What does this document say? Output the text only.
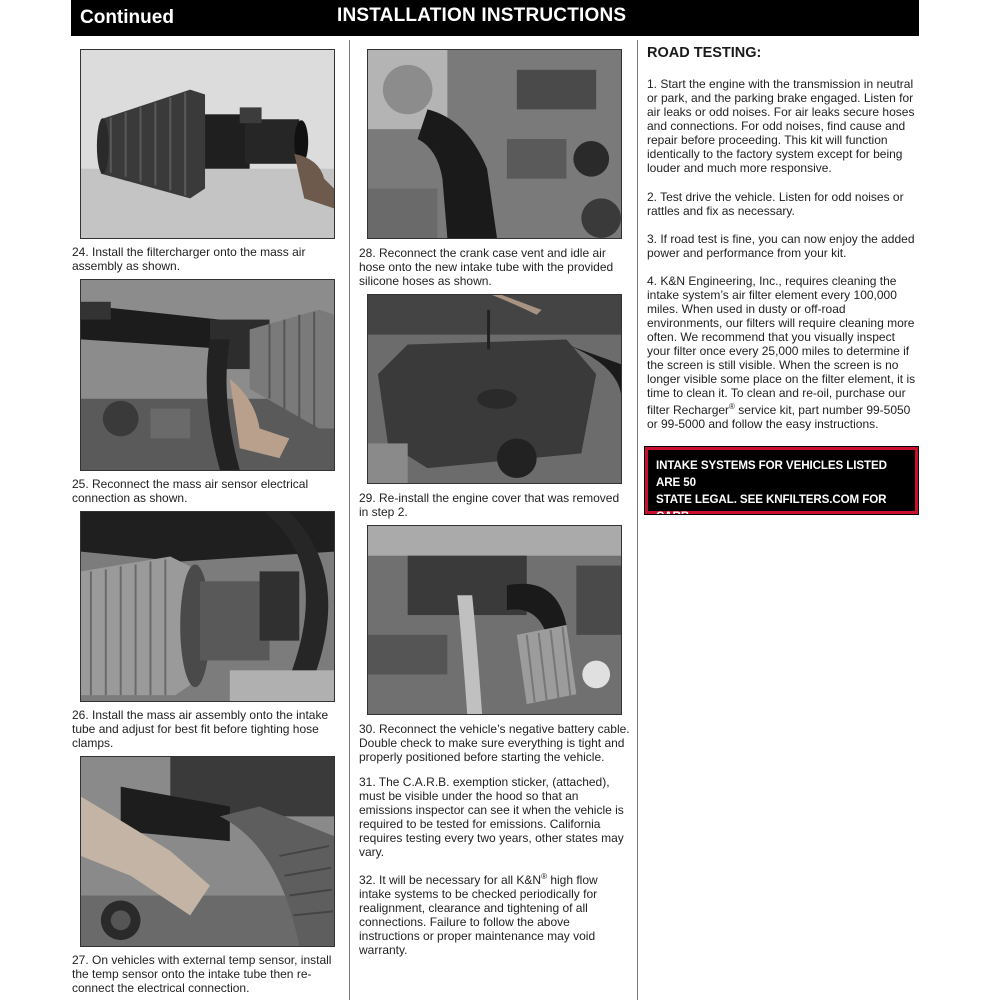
Continued	INSTALLATION INSTRUCTIONS
24. Install the filtercharger onto the mass air assembly as shown.
25. Reconnect the mass air sensor electrical connection as shown.
26. Install the mass air assembly onto the intake tube and adjust for best fit before tighting hose clamps.
27. On vehicles with external temp sensor, install the temp sensor onto the intake tube then re-connect the electrical connection.
28. Reconnect the crank case vent and idle air hose onto the new intake tube with the provided silicone hoses as shown.
29. Re-install the engine cover that was removed in step 2.
30. Reconnect the vehicle’s negative battery cable. Double check to make sure everything is tight and properly positioned before starting the vehicle.
31. The C.A.R.B. exemption sticker, (attached), must be visible under the hood so that an emissions inspector can see it when the vehicle is required to be tested for emissions. California requires testing every two years, other states may vary.
32. It will be necessary for all K&N® high flow intake systems to be checked periodically for realignment, clearance and tightening of all connections. Failure to follow the above instructions or proper maintenance may void warranty.
ROAD TESTING:
1. Start the engine with the transmission in neutral or park, and the parking brake engaged. Listen for air leaks or odd noises. For air leaks secure hoses and connections. For odd noises, find cause and repair before proceeding. This kit will function identically to the factory system except for being louder and much more responsive.
2. Test drive the vehicle. Listen for odd noises or rattles and fix as necessary.
3. If road test is fine, you can now enjoy the added power and performance from your kit.
4. K&N Engineering, Inc., requires cleaning the intake system’s air filter element every 100,000 miles. When used in dusty or off-road environments, our filters will require cleaning more often. We recommend that you visually inspect your filter once every 25,000 miles to determine if the screen is still visible. When the screen is no longer visible some place on the filter element, it is time to clean it. To clean and re-oil, purchase our filter Recharger® service kit, part number 99-5050 or 99-5000 and follow the easy instructions.
INTAKE SYSTEMS FOR VEHICLES LISTED ARE 50
STATE LEGAL. SEE KNFILTERS.COM FOR CARB
STATUS ON EACH PART FOR A SPECIFIC VEHICLE.
